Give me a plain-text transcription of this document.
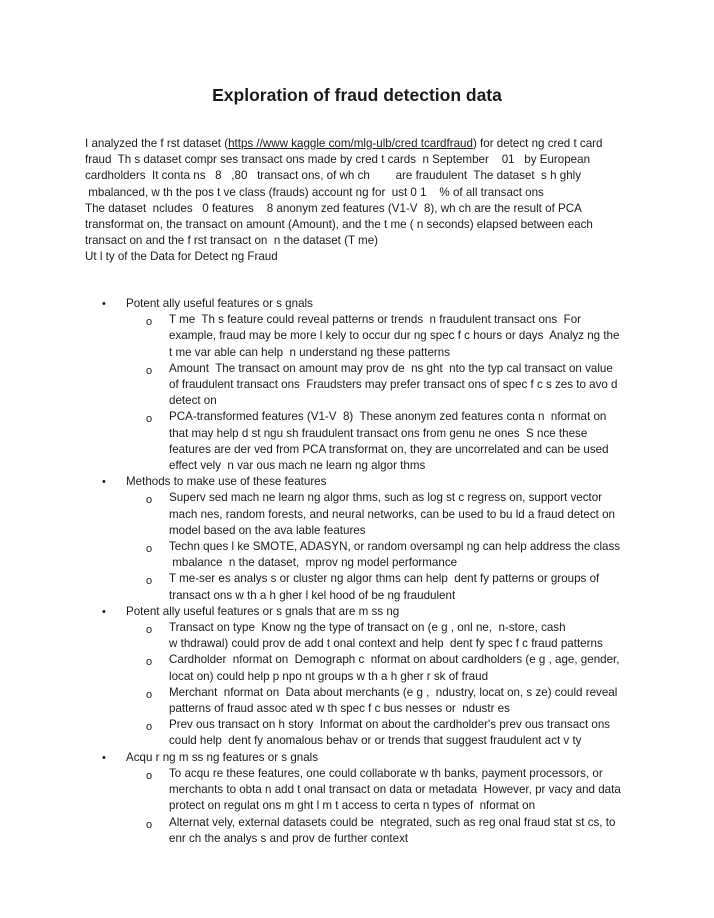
Exploration of fraud detection data
I analyzed the f rst dataset (https //www kaggle com/mlg-ulb/cred tcardfraud) for detect ng cred t card
fraud  Th s dataset compr ses transact ons made by cred t cards  n September    01   by European
cardholders  It conta ns   8   ,80   transact ons, of wh ch        are fraudulent  The dataset  s h ghly
mbalanced, w th the pos t ve class (frauds) account ng for  ust 0 1    % of all transact ons
The dataset  ncludes   0 features    8 anonym zed features (V1-V  8), wh ch are the result of PCA
transformat on, the transact on amount (Amount), and the t me ( n seconds) elapsed between each
transact on and the f rst transact on  n the dataset (T me)
Ut l ty of the Data for Detect ng Fraud
• Potent ally useful features or s gnals
o T me  Th s feature could reveal patterns or trends  n fraudulent transact ons  For
example, fraud may be more l kely to occur dur ng spec f c hours or days  Analyz ng the
t me var able can help  n understand ng these patterns
o Amount  The transact on amount may prov de  ns ght  nto the typ cal transact on value
of fraudulent transact ons  Fraudsters may prefer transact ons of spec f c s zes to avo d
detect on
o PCA-transformed features (V1-V  8)  These anonym zed features conta n  nformat on
that may help d st ngu sh fraudulent transact ons from genu ne ones  S nce these
features are der ved from PCA transformat on, they are uncorrelated and can be used
effect vely  n var ous mach ne learn ng algor thms
• Methods to make use of these features
o Superv sed mach ne learn ng algor thms, such as log st c regress on, support vector
mach nes, random forests, and neural networks, can be used to bu ld a fraud detect on
model based on the ava lable features
o Techn ques l ke SMOTE, ADASYN, or random oversampl ng can help address the class
mbalance  n the dataset,  mprov ng model performance
o T me-ser es analys s or cluster ng algor thms can help  dent fy patterns or groups of
transact ons w th a h gher l kel hood of be ng fraudulent
• Potent ally useful features or s gnals that are m ss ng
o Transact on type  Know ng the type of transact on (e g , onl ne,  n-store, cash
w thdrawal) could prov de add t onal context and help  dent fy spec f c fraud patterns
o Cardholder  nformat on  Demograph c  nformat on about cardholders (e g , age, gender,
locat on) could help p npo nt groups w th a h gher r sk of fraud
o Merchant  nformat on  Data about merchants (e g ,  ndustry, locat on, s ze) could reveal
patterns of fraud assoc ated w th spec f c bus nesses or  ndustr es
o Prev ous transact on h story  Informat on about the cardholder's prev ous transact ons
could help  dent fy anomalous behav or or trends that suggest fraudulent act v ty
• Acqu r ng m ss ng features or s gnals
o To acqu re these features, one could collaborate w th banks, payment processors, or
merchants to obta n add t onal transact on data or metadata  However, pr vacy and data
protect on regulat ons m ght l m t access to certa n types of  nformat on
o Alternat vely, external datasets could be  ntegrated, such as reg onal fraud stat st cs, to
enr ch the analys s and prov de further context
